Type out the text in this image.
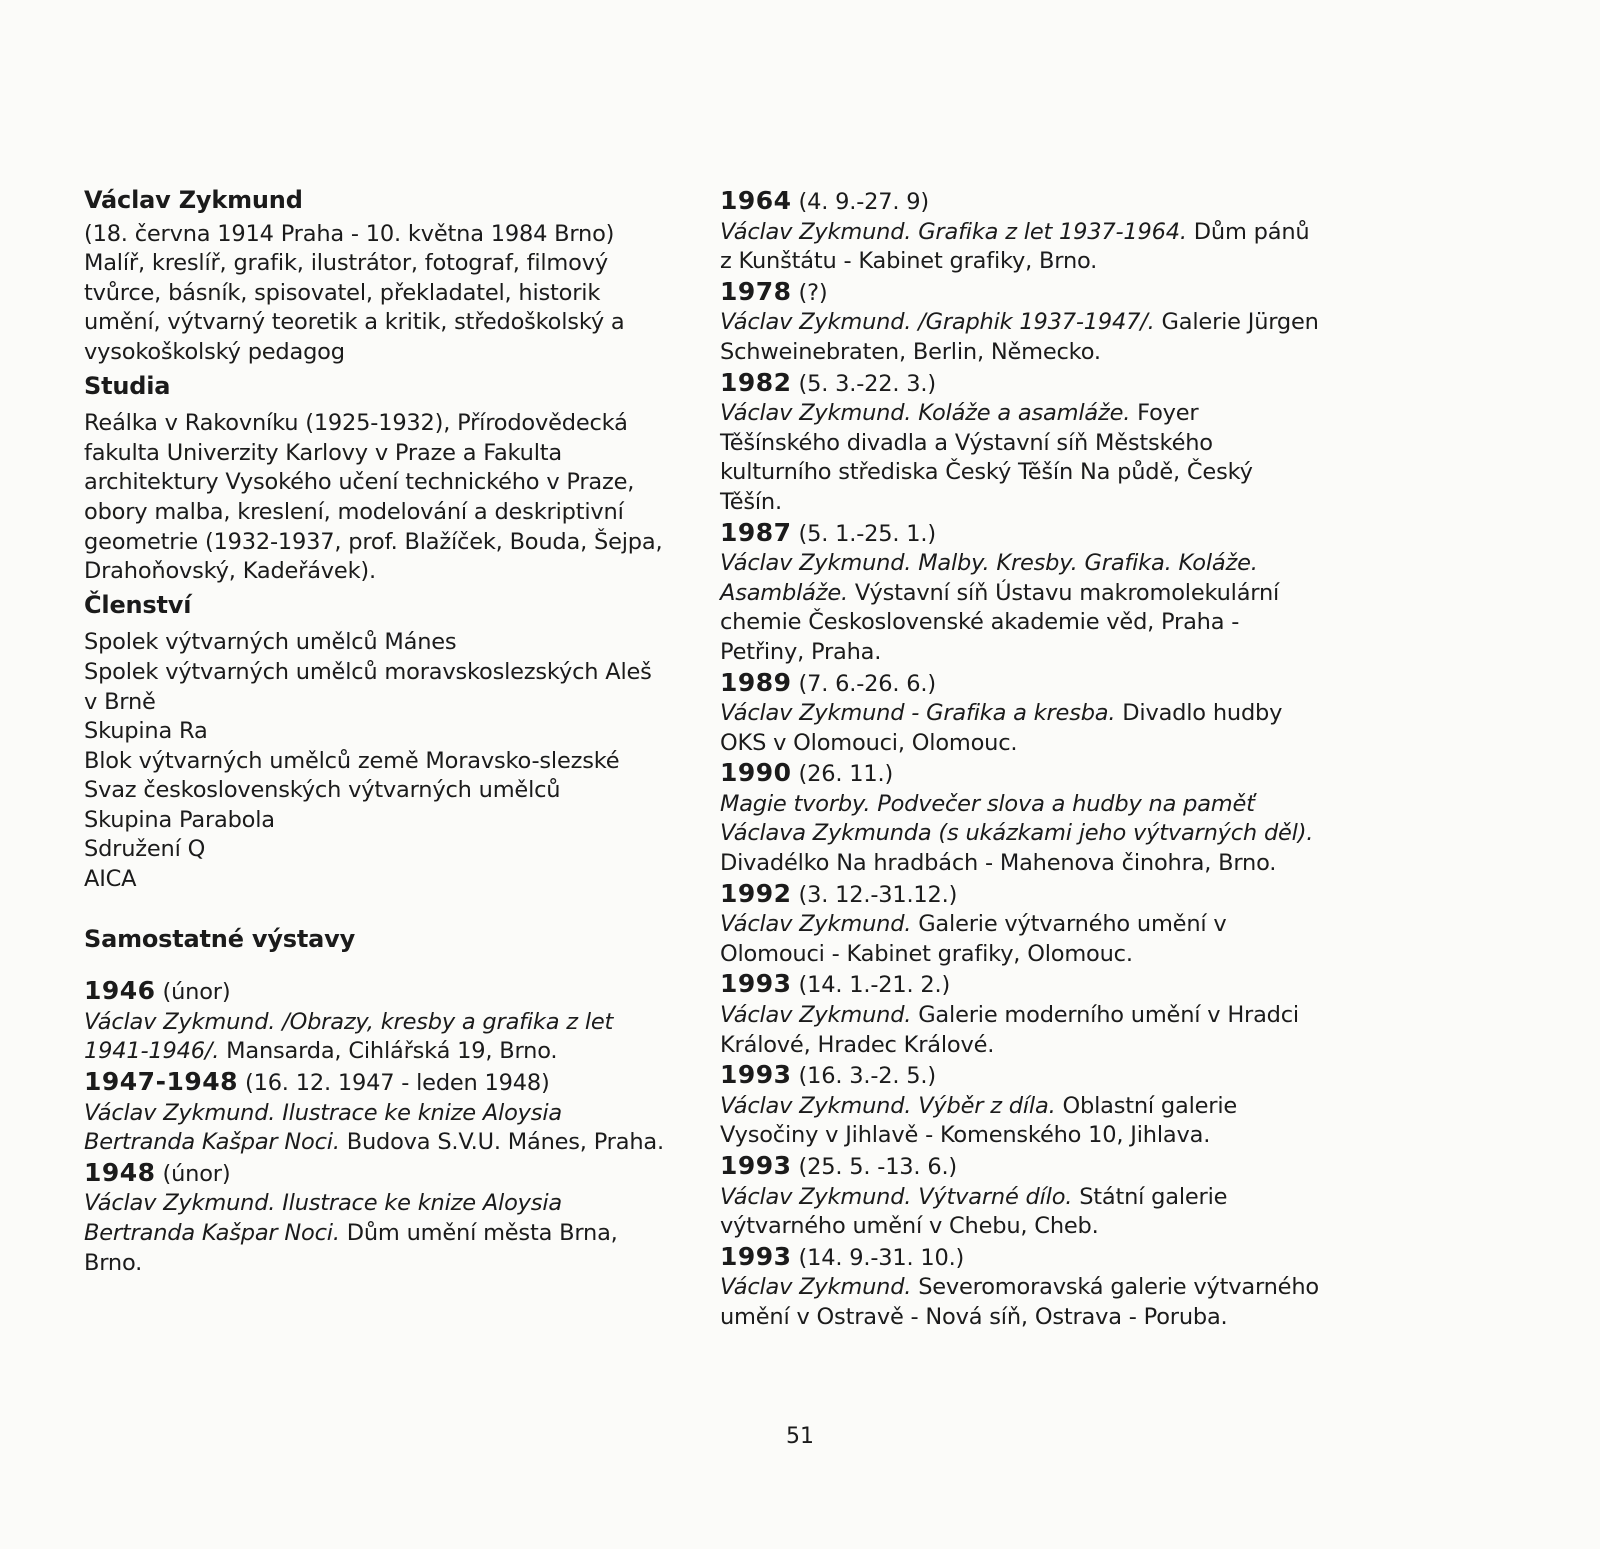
Václav Zykmund
(18. června 1914 Praha - 10. května 1984 Brno) Malíř, kreslíř, grafik, ilustrátor, fotograf, filmový tvůrce, básník, spisovatel, překladatel, historik umění, výtvarný teoretik a kritik, středoškolský a vysokoškolský pedagog
Studia
Reálka v Rakovníku (1925-1932), Přírodovědecká fakulta Univerzity Karlovy v Praze a Fakulta architektury Vysokého učení technického v Praze, obory malba, kreslení, modelování a deskriptivní geometrie (1932-1937, prof. Blažíček, Bouda, Šejpa, Drahoňovský, Kadeřávek).
Členství
Spolek výtvarných umělců Mánes
Spolek výtvarných umělců moravskoslezských Aleš v Brně
Skupina Ra
Blok výtvarných umělců země Moravsko-slezské
Svaz československých výtvarných umělců
Skupina Parabola
Sdružení Q
AICA
Samostatné výstavy
1946 (únor)
Václav Zykmund. /Obrazy, kresby a grafika z let 1941-1946/. Mansarda, Cihlářská 19, Brno.
1947-1948 (16. 12. 1947 - leden 1948)
Václav Zykmund. Ilustrace ke knize Aloysia Bertranda Kašpar Noci. Budova S.V.U. Mánes, Praha.
1948 (únor)
Václav Zykmund. Ilustrace ke knize Aloysia Bertranda Kašpar Noci. Dům umění města Brna, Brno.
1964 (4. 9.-27. 9)
Václav Zykmund. Grafika z let 1937-1964. Dům pánů z Kunštátu - Kabinet grafiky, Brno.
1978 (?)
Václav Zykmund. /Graphik 1937-1947/. Galerie Jürgen Schweinebraten, Berlin, Německo.
1982 (5. 3.-22. 3.)
Václav Zykmund. Koláže a asamláže. Foyer Těšínského divadla a Výstavní síň Městského kulturního střediska Český Těšín Na půdě, Český Těšín.
1987 (5. 1.-25. 1.)
Václav Zykmund. Malby. Kresby. Grafika. Koláže. Asambláže. Výstavní síň Ústavu makromolekulární chemie Československé akademie věd, Praha - Petřiny, Praha.
1989 (7. 6.-26. 6.)
Václav Zykmund - Grafika a kresba. Divadlo hudby OKS v Olomouci, Olomouc.
1990 (26. 11.)
Magie tvorby. Podvečer slova a hudby na paměť Václava Zykmunda (s ukázkami jeho výtvarných děl). Divadélko Na hradbách - Mahenova činohra, Brno.
1992 (3. 12.-31.12.)
Václav Zykmund. Galerie výtvarného umění v Olomouci - Kabinet grafiky, Olomouc.
1993 (14. 1.-21. 2.)
Václav Zykmund. Galerie moderního umění v Hradci Králové, Hradec Králové.
1993 (16. 3.-2. 5.)
Václav Zykmund. Výběr z díla. Oblastní galerie Vysočiny v Jihlavě - Komenského 10, Jihlava.
1993 (25. 5. -13. 6.)
Václav Zykmund. Výtvarné dílo. Státní galerie výtvarného umění v Chebu, Cheb.
1993 (14. 9.-31. 10.)
Václav Zykmund. Severomoravská galerie výtvarného umění v Ostravě - Nová síň, Ostrava - Poruba.
51
